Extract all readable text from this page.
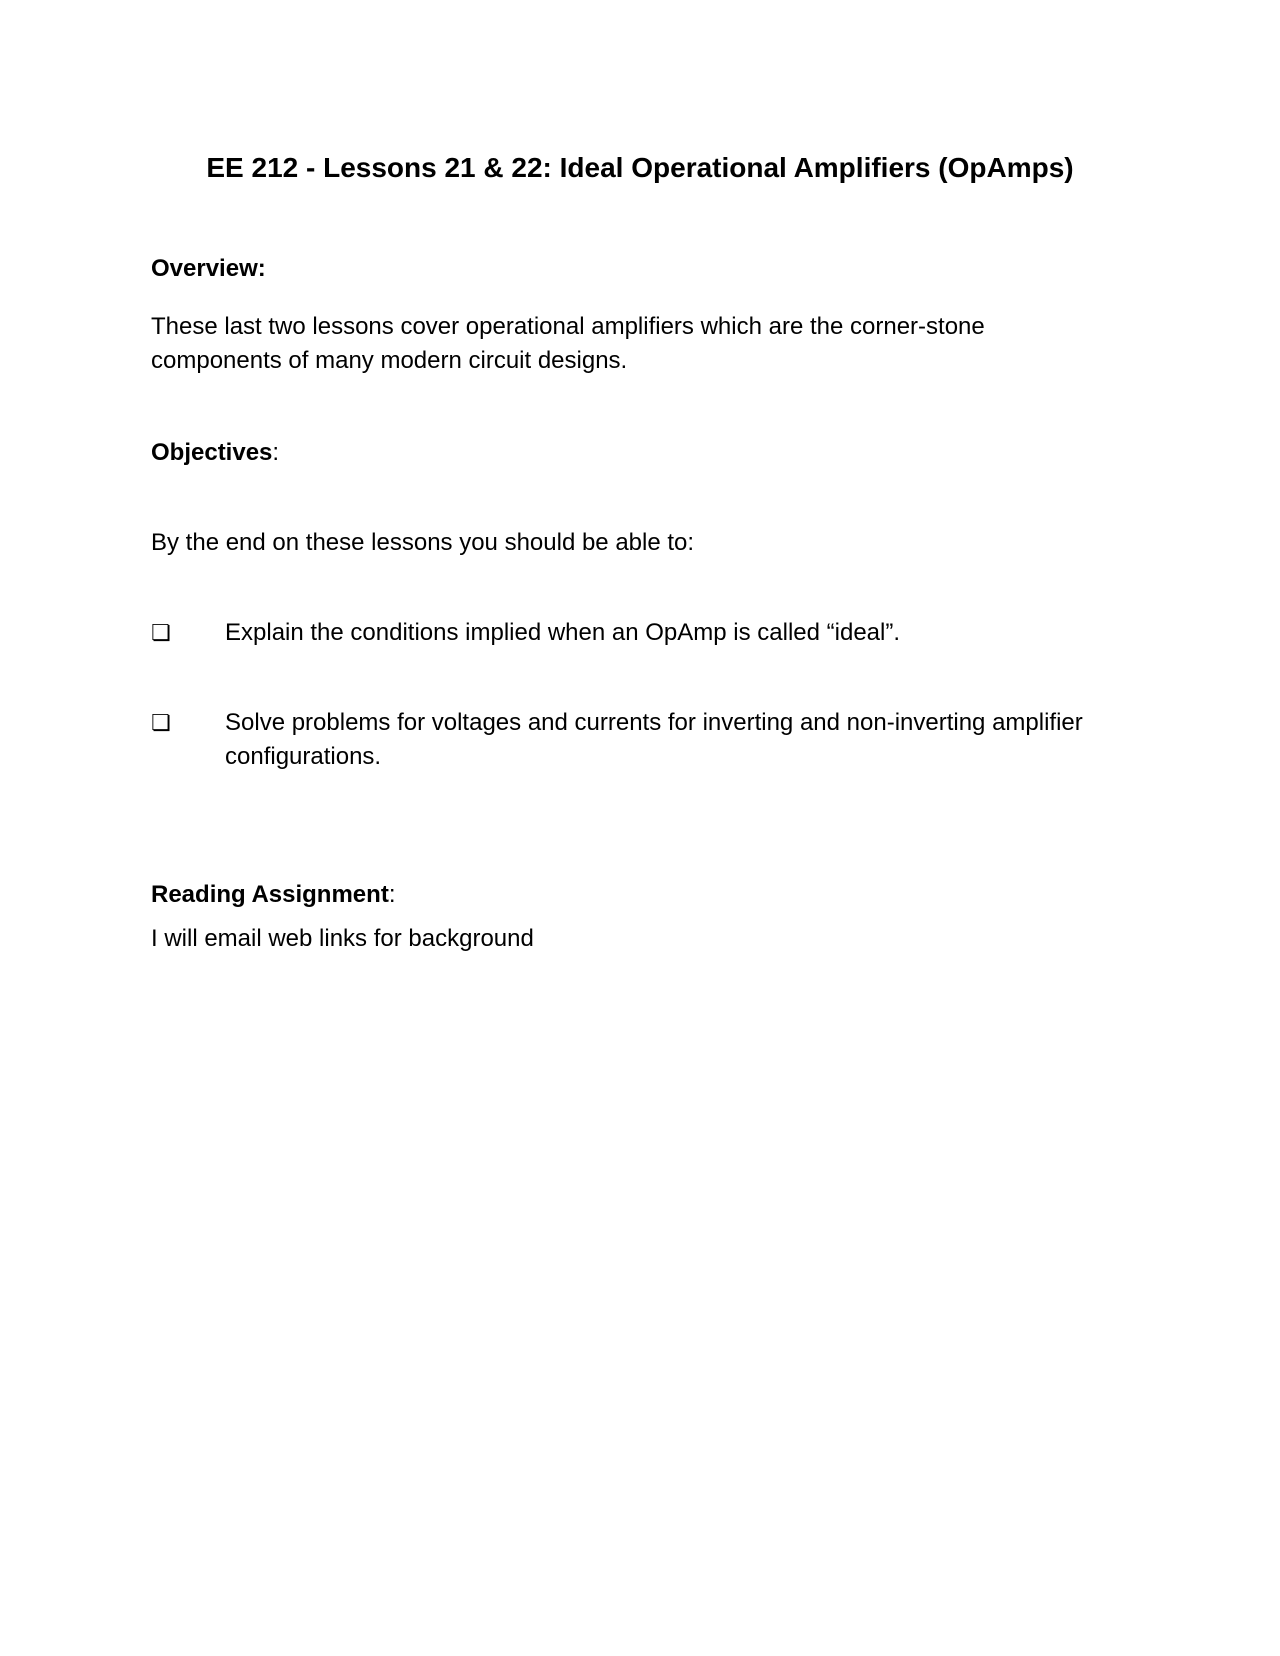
EE 212 - Lessons 21 & 22: Ideal Operational Amplifiers (OpAmps)
Overview:
These last two lessons cover operational amplifiers which are the corner-stone
components of many modern circuit designs.
Objectives:
By the end on these lessons you should be able to:
❏	Explain the conditions implied when an OpAmp is called “ideal”.
❏	Solve problems for voltages and currents for inverting and non-inverting amplifier
configurations.
Reading Assignment:
I will email web links for background
